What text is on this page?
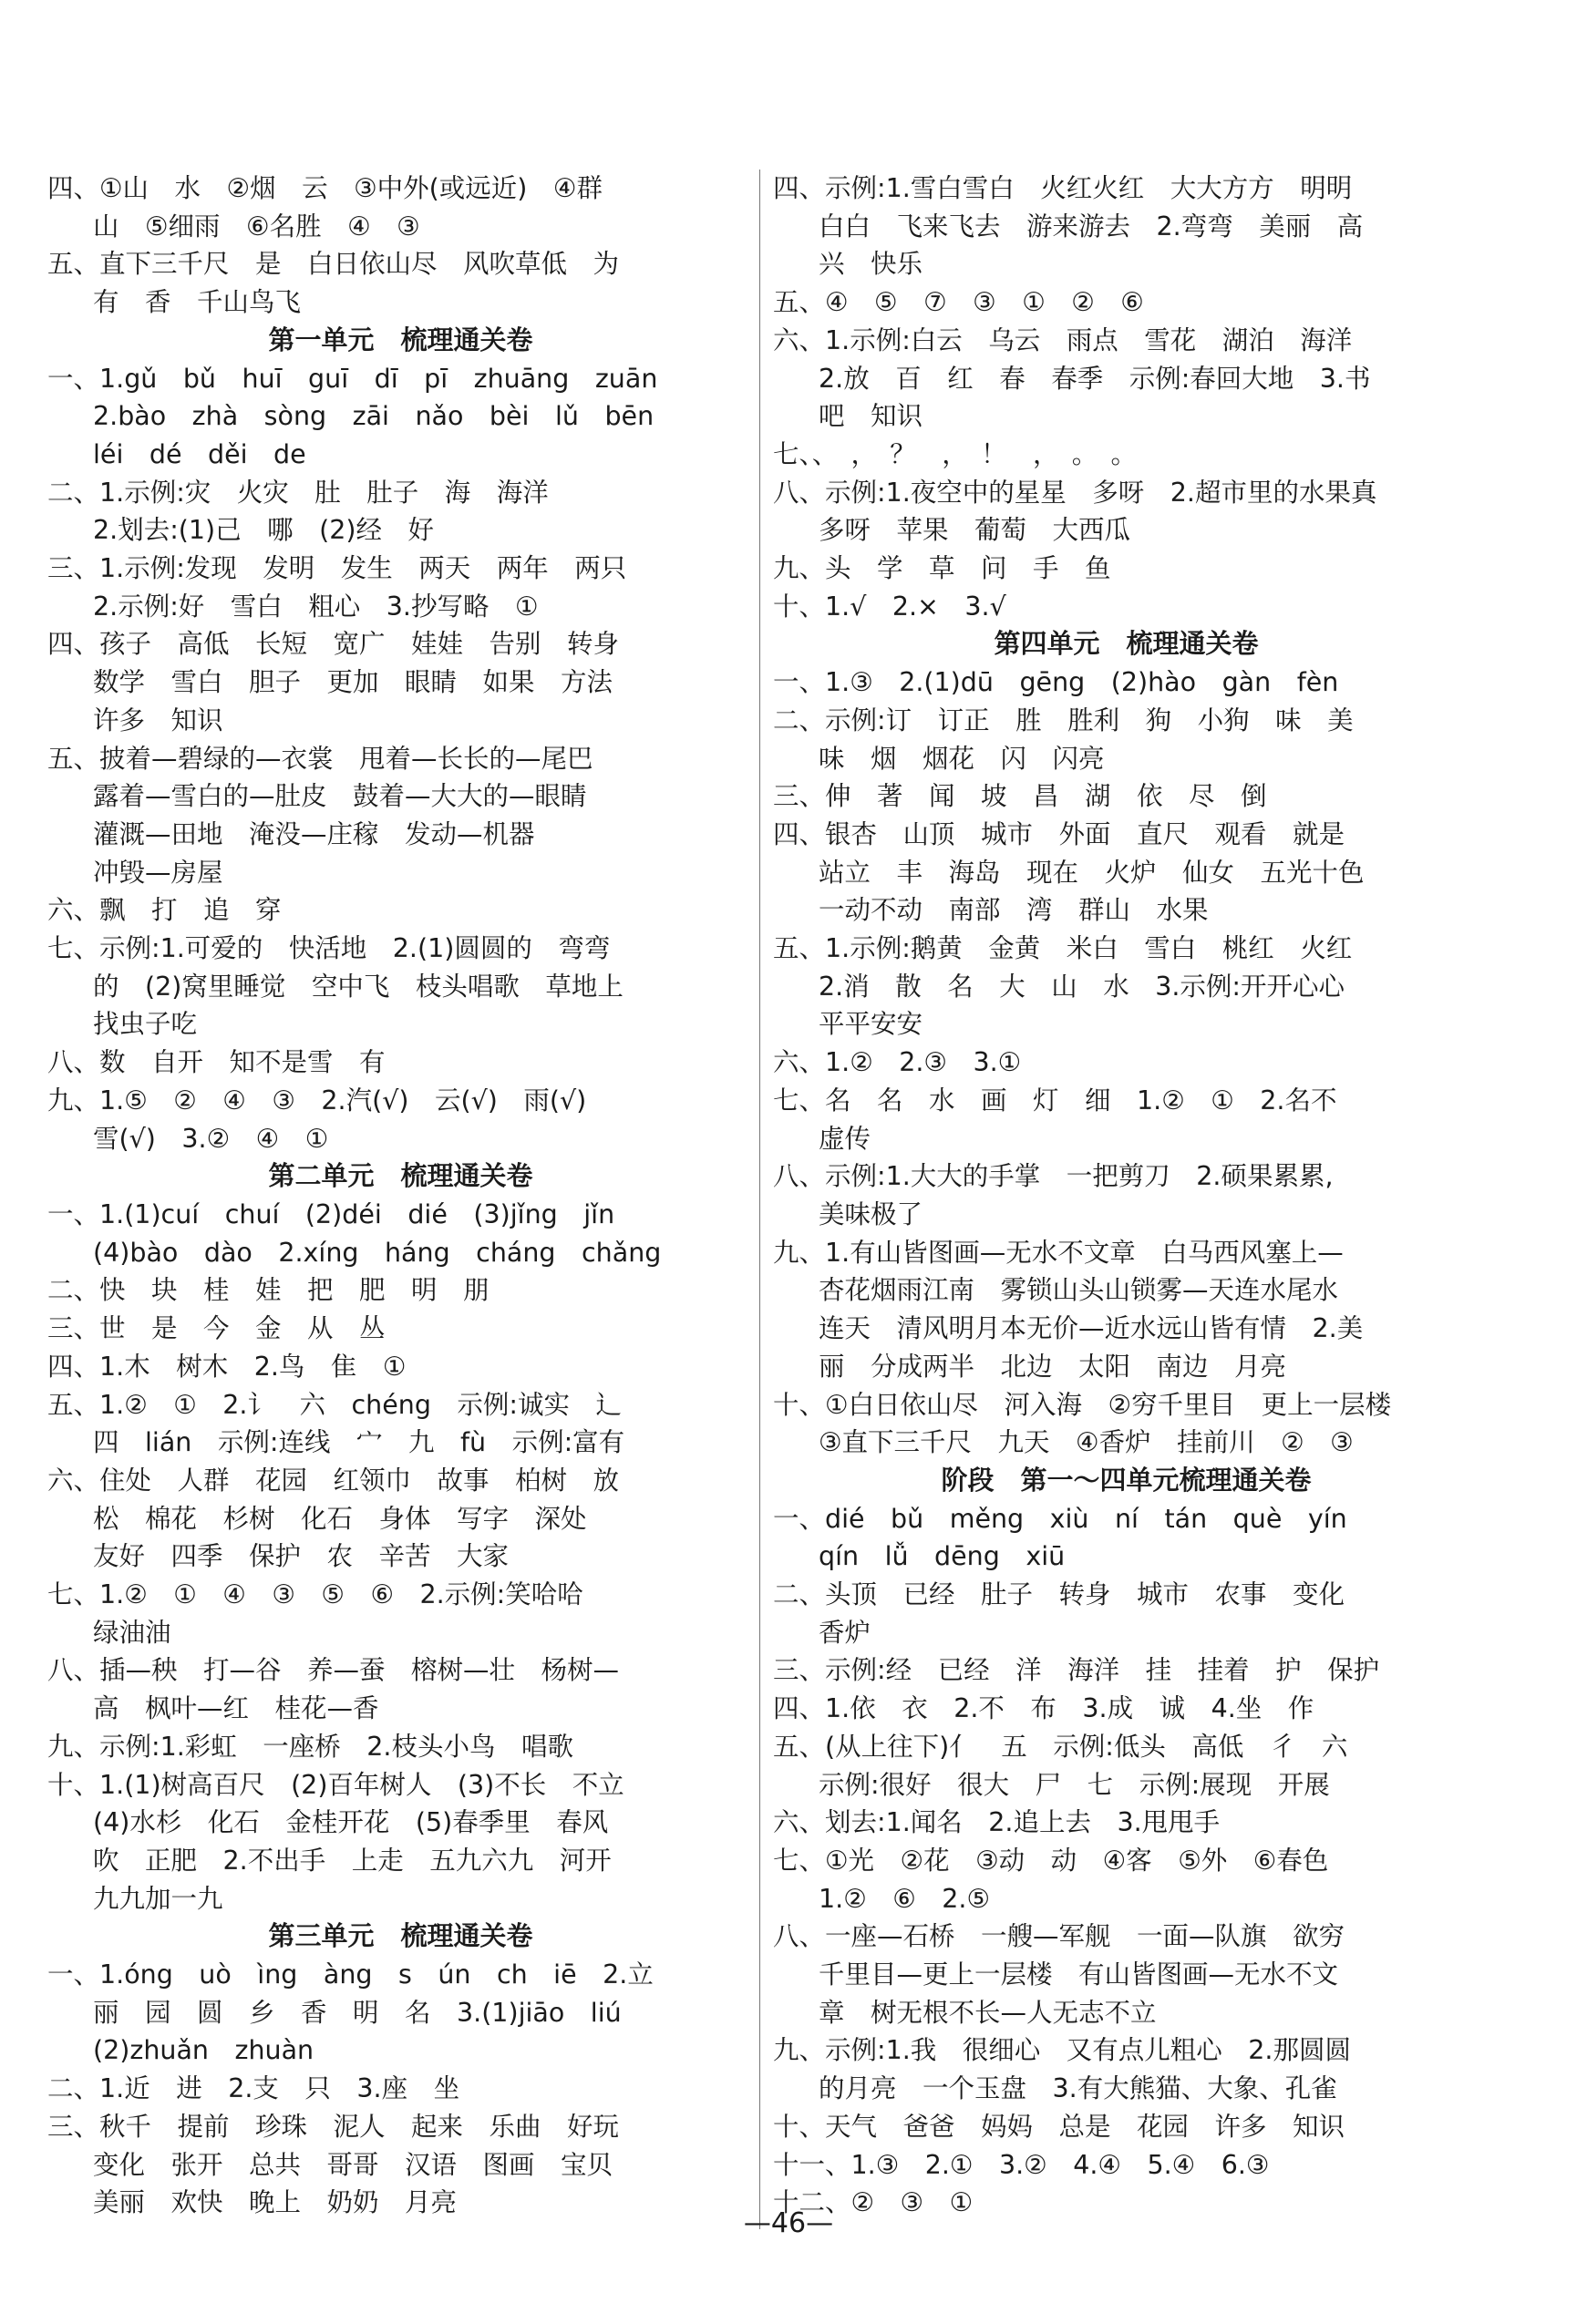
四、①山　水　②烟　云　③中外(或远近)　④群
山　⑤细雨　⑥名胜　④　③
五、直下三千尺　是　白日依山尽　风吹草低　为
有　香　千山鸟飞
第一单元　梳理通关卷
一、1.gǔ　bǔ　huī　guī　dī　pī　zhuāng　zuān
2.bào　zhà　sòng　zāi　nǎo　bèi　lǔ　bēn
léi　dé　děi　de
二、1.示例:灾　火灾　肚　肚子　海　海洋
2.划去:(1)己　哪　(2)经　好
三、1.示例:发现　发明　发生　两天　两年　两只
2.示例:好　雪白　粗心　3.抄写略　①
四、孩子　高低　长短　宽广　娃娃　告别　转身
数学　雪白　胆子　更加　眼睛　如果　方法
许多　知识
五、披着—碧绿的—衣裳　甩着—长长的—尾巴
露着—雪白的—肚皮　鼓着—大大的—眼睛
灌溉—田地　淹没—庄稼　发动—机器
冲毁—房屋
六、飘　打　追　穿
七、示例:1.可爱的　快活地　2.(1)圆圆的　弯弯
的　(2)窝里睡觉　空中飞　枝头唱歌　草地上
找虫子吃
八、数　自开　知不是雪　有
九、1.⑤　②　④　③　2.汽(√)　云(√)　雨(√)
雪(√)　3.②　④　①
第二单元　梳理通关卷
一、1.(1)cuí　chuí　(2)déi　dié　(3)jǐng　jǐn
(4)bào　dào　2.xíng　háng　cháng　chǎng
二、快　块　桂　娃　把　肥　明　朋
三、世　是　今　金　从　丛
四、1.木　树木　2.鸟　隹　①
五、1.②　①　2.讠　六　chéng　示例:诚实　辶
四　lián　示例:连线　宀　九　fù　示例:富有
六、住处　人群　花园　红领巾　故事　柏树　放
松　棉花　杉树　化石　身体　写字　深处
友好　四季　保护　农　辛苦　大家
七、1.②　①　④　③　⑤　⑥　2.示例:笑哈哈
绿油油
八、插—秧　打—谷　养—蚕　榕树—壮　杨树—
高　枫叶—红　桂花—香
九、示例:1.彩虹　一座桥　2.枝头小鸟　唱歌
十、1.(1)树高百尺　(2)百年树人　(3)不长　不立
(4)水杉　化石　金桂开花　(5)春季里　春风
吹　正肥　2.不出手　上走　五九六九　河开
九九加一九
第三单元　梳理通关卷
一、1.óng　uò　ìng　àng　s　ún　ch　iē　2.立
丽　园　圆　乡　香　明　名　3.(1)jiāo　liú
(2)zhuǎn　zhuàn
二、1.近　进　2.支　只　3.座　坐
三、秋千　提前　珍珠　泥人　起来　乐曲　好玩
变化　张开　总共　哥哥　汉语　图画　宝贝
美丽　欢快　晚上　奶奶　月亮
四、示例:1.雪白雪白　火红火红　大大方方　明明
白白　飞来飞去　游来游去　2.弯弯　美丽　高
兴　快乐
五、④　⑤　⑦　③　①　②　⑥
六、1.示例:白云　乌云　雨点　雪花　湖泊　海洋
2.放　百　红　春　春季　示例:春回大地　3.书
吧　知识
七、、　，　？　，　！　，　。　。
八、示例:1.夜空中的星星　多呀　2.超市里的水果真
多呀　苹果　葡萄　大西瓜
九、头　学　草　问　手　鱼
十、1.√　2.×　3.√
第四单元　梳理通关卷
一、1.③　2.(1)dū　gēng　(2)hào　gàn　fèn
二、示例:订　订正　胜　胜利　狗　小狗　味　美
味　烟　烟花　闪　闪亮
三、伸　著　闻　坡　昌　湖　依　尽　倒
四、银杏　山顶　城市　外面　直尺　观看　就是
站立　丰　海岛　现在　火炉　仙女　五光十色
一动不动　南部　湾　群山　水果
五、1.示例:鹅黄　金黄　米白　雪白　桃红　火红
2.消　散　名　大　山　水　3.示例:开开心心
平平安安
六、1.②　2.③　3.①
七、名　名　水　画　灯　细　1.②　①　2.名不
虚传
八、示例:1.大大的手掌　一把剪刀　2.硕果累累,
美味极了
九、1.有山皆图画—无水不文章　白马西风塞上—
杏花烟雨江南　雾锁山头山锁雾—天连水尾水
连天　清风明月本无价—近水远山皆有情　2.美
丽　分成两半　北边　太阳　南边　月亮
十、①白日依山尽　河入海　②穷千里目　更上一层楼
③直下三千尺　九天　④香炉　挂前川　②　③
阶段　第一～四单元梳理通关卷
一、dié　bǔ　měng　xiù　ní　tán　què　yín
qín　lǚ　dēng　xiū
二、头顶　已经　肚子　转身　城市　农事　变化
香炉
三、示例:经　已经　洋　海洋　挂　挂着　护　保护
四、1.依　衣　2.不　布　3.成　诚　4.坐　作
五、(从上往下)亻　五　示例:低头　高低　彳　六
示例:很好　很大　尸　七　示例:展现　开展
六、划去:1.闻名　2.追上去　3.甩甩手
七、①光　②花　③动　动　④客　⑤外　⑥春色
1.②　⑥　2.⑤
八、一座—石桥　一艘—军舰　一面—队旗　欲穷
千里目—更上一层楼　有山皆图画—无水不文
章　树无根不长—人无志不立
九、示例:1.我　很细心　又有点儿粗心　2.那圆圆
的月亮　一个玉盘　3.有大熊猫、大象、孔雀
十、天气　爸爸　妈妈　总是　花园　许多　知识
十一、1.③　2.①　3.②　4.④　5.④　6.③
十二、②　③　①
—46—
